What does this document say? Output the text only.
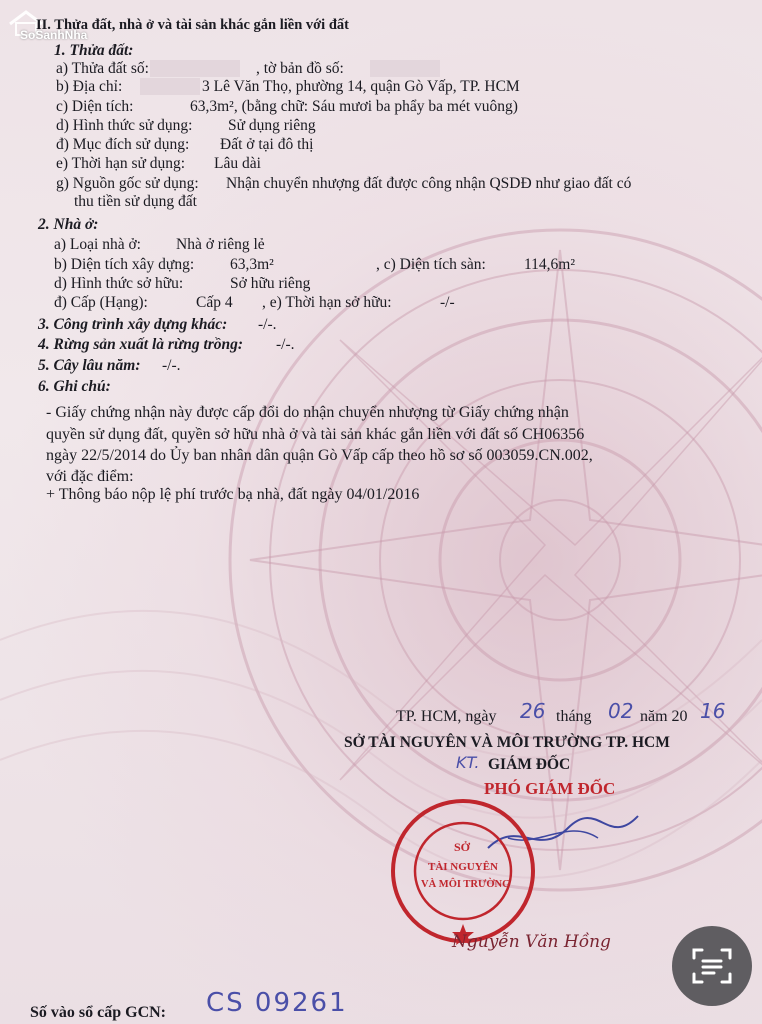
SoSanhNha
II. Thửa đất, nhà ở và tài sản khác gắn liền với đất
1. Thửa đất:
a) Thửa đất số:	, tờ bản đồ số:
b) Địa chỉ:	3 Lê Văn Thọ, phường 14, quận Gò Vấp, TP. HCM
c) Diện tích:	63,3m², (bằng chữ: Sáu mươi ba phẩy ba mét vuông)
d) Hình thức sử dụng: Sử dụng riêng
đ) Mục đích sử dụng: Đất ở tại đô thị
e) Thời hạn sử dụng: Lâu dài
g) Nguồn gốc sử dụng: Nhận chuyển nhượng đất được công nhận QSDĐ như giao đất có
thu tiền sử dụng đất
2. Nhà ở:
a) Loại nhà ở: Nhà ở riêng lẻ
b) Diện tích xây dựng: 63,3m²	, c) Diện tích sàn: 114,6m²
d) Hình thức sở hữu:	Sở hữu riêng
đ) Cấp (Hạng):	Cấp 4 , e) Thời hạn sở hữu:	-/-
3. Công trình xây dựng khác: -/-.
4. Rừng sản xuất là rừng trồng: -/-.
5. Cây lâu năm: -/-.
6. Ghi chú:
- Giấy chứng nhận này được cấp đổi do nhận chuyển nhượng từ Giấy chứng nhận
quyền sử dụng đất, quyền sở hữu nhà ở và tài sản khác gắn liền với đất số CH06356
ngày 22/5/2014 do Ủy ban nhân dân quận Gò Vấp cấp theo hồ sơ số 003059.CN.002,
với đặc điểm:
+ Thông báo nộp lệ phí trước bạ nhà, đất ngày 04/01/2016
TP. HCM, ngày 26 tháng 02 năm 20 16
SỞ TÀI NGUYÊN VÀ MÔI TRƯỜNG TP. HCM
KT. GIÁM ĐỐC
PHÓ GIÁM ĐỐC
SỞ
TÀI NGUYÊN
VÀ MÔI TRƯỜNG
Nguyễn Văn Hồng
Số vào sổ cấp GCN: CS 09261
